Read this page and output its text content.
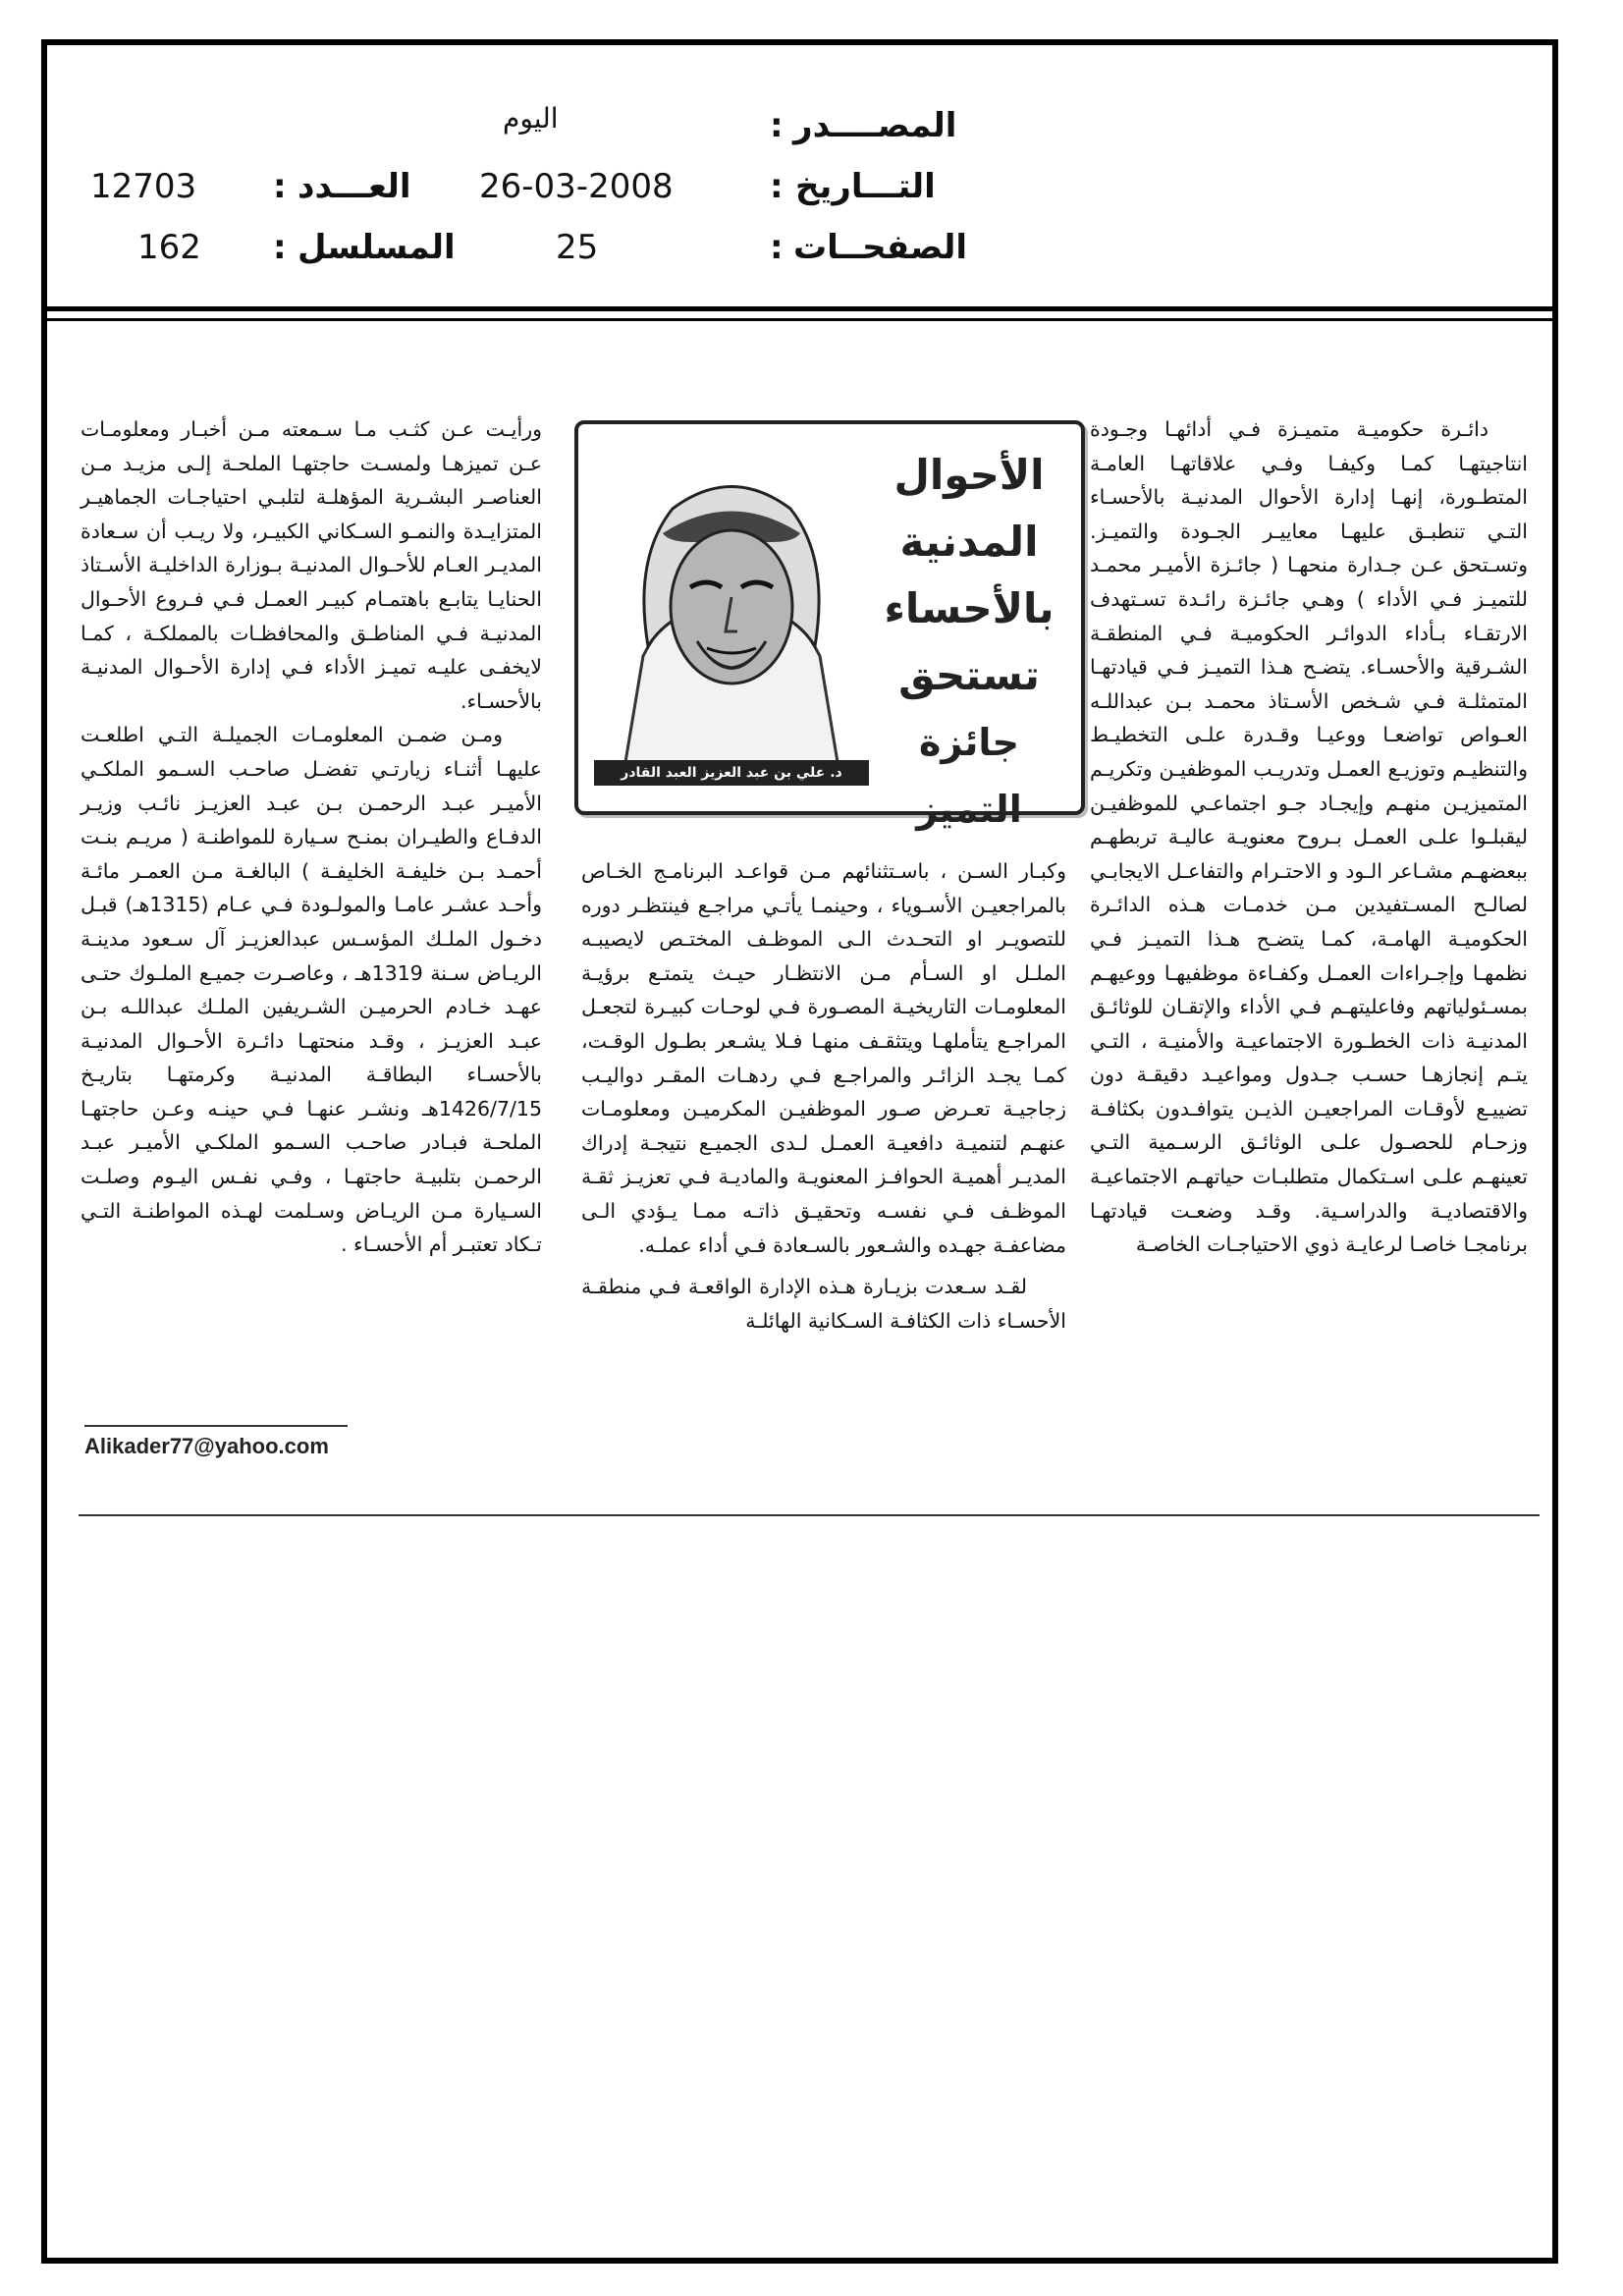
المصــــدر
:
اليوم
التـــاريخ
:
26-03-2008
العـــدد
:
12703
الصفحــات
:
25
المسلسل
:
162

دائـرة حكوميـة متميـزة فـي أدائهـا وجـودة انتاجيتهـا كمـا وكيفـا وفـي علاقاتهـا العامـة المتطـورة، إنهـا إدارة الأحوال المدنيـة بالأحسـاء التـي تنطبـق عليهـا معاييـر الجـودة والتميـز. وتسـتحق عـن جـدارة منحهـا ( جائـزة الأميـر محمـد للتميـز فـي الأداء ) وهـي جائـزة رائـدة تسـتهدف الارتقـاء بـأداء الدوائـر الحكوميـة فـي المنطقـة الشـرقية والأحسـاء. يتضـح هـذا التميـز فـي قيادتهـا المتمثلـة فـي شـخص الأسـتاذ محمـد بـن عبداللـه العـواص تواضعـا ووعيـا وقـدرة علـى التخطيـط والتنظيـم وتوزيـع العمـل وتدريـب الموظفيـن وتكريـم المتميزيـن منهـم وإيجـاد جـو اجتماعـي للموظفيـن ليقبلـوا علـى العمـل بـروح معنويـة عاليـة تربطهـم ببعضهـم مشـاعر الـود و الاحتـرام والتفاعـل الايجابـي لصالـح المسـتفيدين مـن خدمـات هـذه الدائـرة الحكوميـة الهامـة، كمـا يتضـح هـذا التميـز فـي نظمهـا وإجـراءات العمـل وكفـاءة موظفيهـا ووعيهـم بمسـئولياتهم وفاعليتهـم فـي الأداء والإتقـان للوثائـق المدنيـة ذات الخطـورة الاجتماعيـة والأمنيـة ، التـي يتـم إنجازهـا حسـب جـدول ومواعيـد دقيقـة دون تضييـع لأوقـات المراجعيـن الذيـن يتوافـدون بكثافـة وزحـام للحصـول علـى الوثائـق الرسـمية التـي تعينهـم علـى اسـتكمال متطلبـات حياتهـم الاجتماعيـة والاقتصاديـة والدراسـية. وقـد وضعـت قيادتهـا برنامجـا خاصـا لرعايـة ذوي الاحتياجـات الخاصـة

د. علي بن عبد العزيز العبد القادر
الأحوال
المدنية
بالأحساء
تستحق
جائزة التميز

وكبـار السـن ، باسـتثنائهم مـن قواعـد البرنامـج الخـاص بالمراجعيـن الأسـوياء ، وحينمـا يأتـي مراجـع فينتظـر دوره للتصويـر او التحـدث الـى الموظـف المختـص لايصيبـه الملـل او السـأم مـن الانتظـار حيـث يتمتـع برؤيـة المعلومـات التاريخيـة المصـورة فـي لوحـات كبيـرة لتجعـل المراجـع يتأملهـا ويتثقـف منهـا فـلا يشـعر بطـول الوقـت، كمـا يجـد الزائـر والمراجـع فـي ردهـات المقـر دواليـب زجاجيـة تعـرض صـور الموظفيـن المكرميـن ومعلومـات عنهـم لتنميـة دافعيـة العمـل لـدى الجميـع نتيجـة إدراك المديـر أهميـة الحوافـز المعنويـة والماديـة فـي تعزيـز ثقـة الموظـف فـي نفسـه وتحقيـق ذاتـه ممـا يـؤدي الـى مضاعفـة جهـده والشـعور بالسـعادة فـي أداء عملـه.

لقـد سـعدت بزيـارة هـذه الإدارة الواقعـة فـي منطقـة الأحسـاء ذات الكثافـة السـكانية الهائلـة

ورأيـت عـن كثـب مـا سـمعته مـن أخبـار ومعلومـات عـن تميزهـا ولمسـت حاجتهـا الملحـة إلـى مزيـد مـن العناصـر البشـرية المؤهلـة لتلبـي احتياجـات الجماهيـر المتزايـدة والنمـو السـكاني الكبيـر، ولا ريـب أن سـعادة المديـر العـام للأحـوال المدنيـة بـوزارة الداخليـة الأسـتاذ الحنايـا يتابـع باهتمـام كبيـر العمـل فـي فـروع الأحـوال المدنيـة فـي المناطـق والمحافظـات بالمملكـة ، كمـا لايخفـى عليـه تميـز الأداء فـي إدارة الأحـوال المدنيـة بالأحسـاء.

ومـن ضمـن المعلومـات الجميلـة التـي اطلعـت عليهـا أثنـاء زيارتـي تفضـل صاحـب السـمو الملكـي الأميـر عبـد الرحمـن بـن عبـد العزيـز نائـب وزيـر الدفـاع والطيـران بمنـح سـيارة للمواطنـة ( مريـم بنـت أحمـد بـن خليفـة الخليفـة ) البالغـة مـن العمـر مائـة وأحـد عشـر عامـا والمولـودة فـي عـام (1315هـ) قبـل دخـول الملـك المؤسـس عبدالعزيـز آل سـعود مدينـة الريـاض سـنة 1319هـ ، وعاصـرت جميـع الملـوك حتـى عهـد خـادم الحرميـن الشـريفين الملـك عبداللـه بـن عبـد العزيـز ، وقـد منحتهـا دائـرة الأحـوال المدنيـة بالأحسـاء البطاقـة المدنيـة وكرمتهـا بتاريـخ 1426/7/15هـ ونشـر عنهـا فـي حينـه وعـن حاجتهـا الملحـة فبـادر صاحـب السـمو الملكـي الأميـر عبـد الرحمـن بتلبيـة حاجتهـا ، وفـي نفـس اليـوم وصلـت السـيارة مـن الريـاض وسـلمت لهـذه المواطنـة التـي تـكاد تعتبـر أم الأحسـاء .

Alikader77@yahoo.com
